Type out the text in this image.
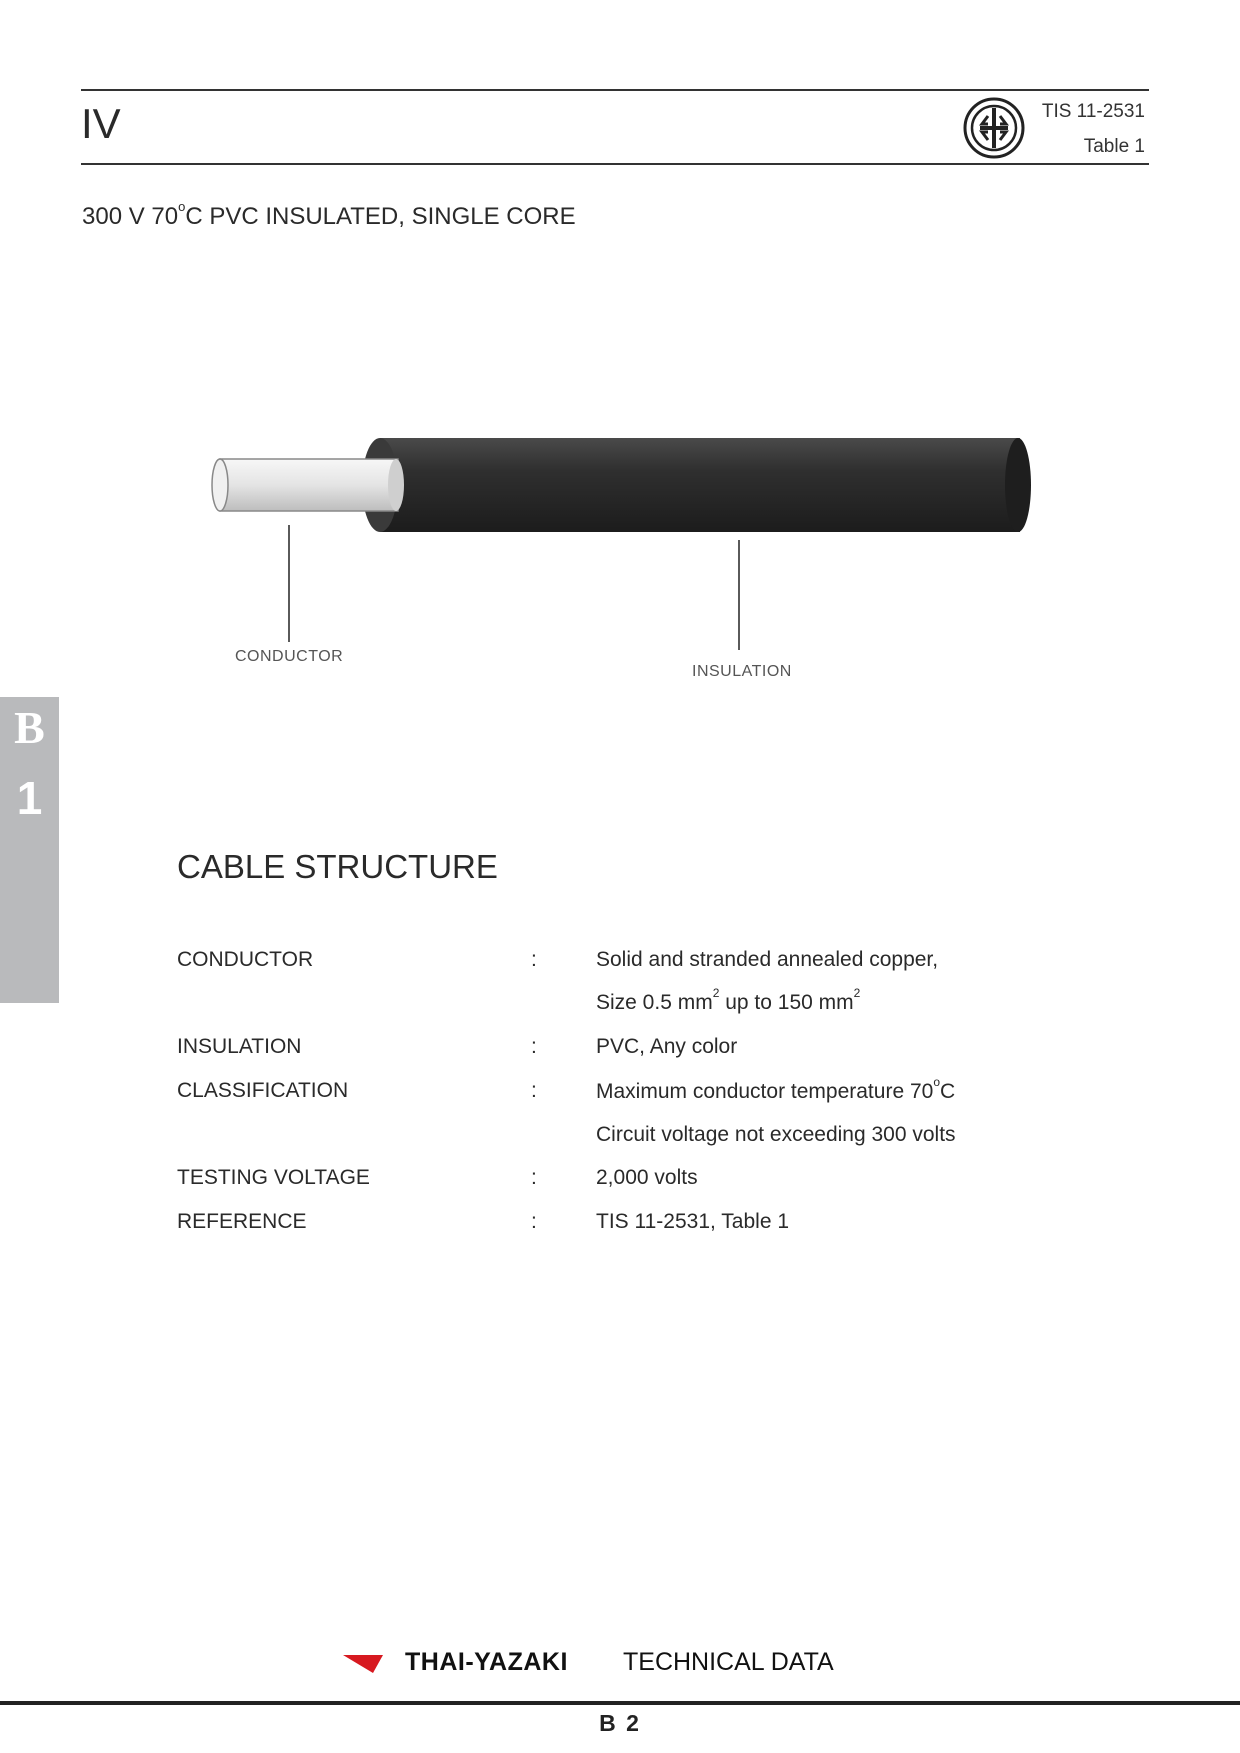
IV	TIS 11-2531
Table 1
300 V 70$^o$C PVC INSULATED, SINGLE CORE
CONDUCTOR
INSULATION
B
1
CABLE STRUCTURE
CONDUCTOR	:	Solid and stranded annealed copper,
Size 0.5 $mm^2$ up to 150 $mm^2$
INSULATION	:	PVC, Any color
CLASSIFICATION	:	Maximum conductor temperature 70$^o$C
Circuit voltage not exceeding 300 volts
TESTING VOLTAGE	:	2,000 volts
REFERENCE	:	TIS 11-2531, Table 1
THAI-YAZAKI TECHNICAL DATA
B 2
